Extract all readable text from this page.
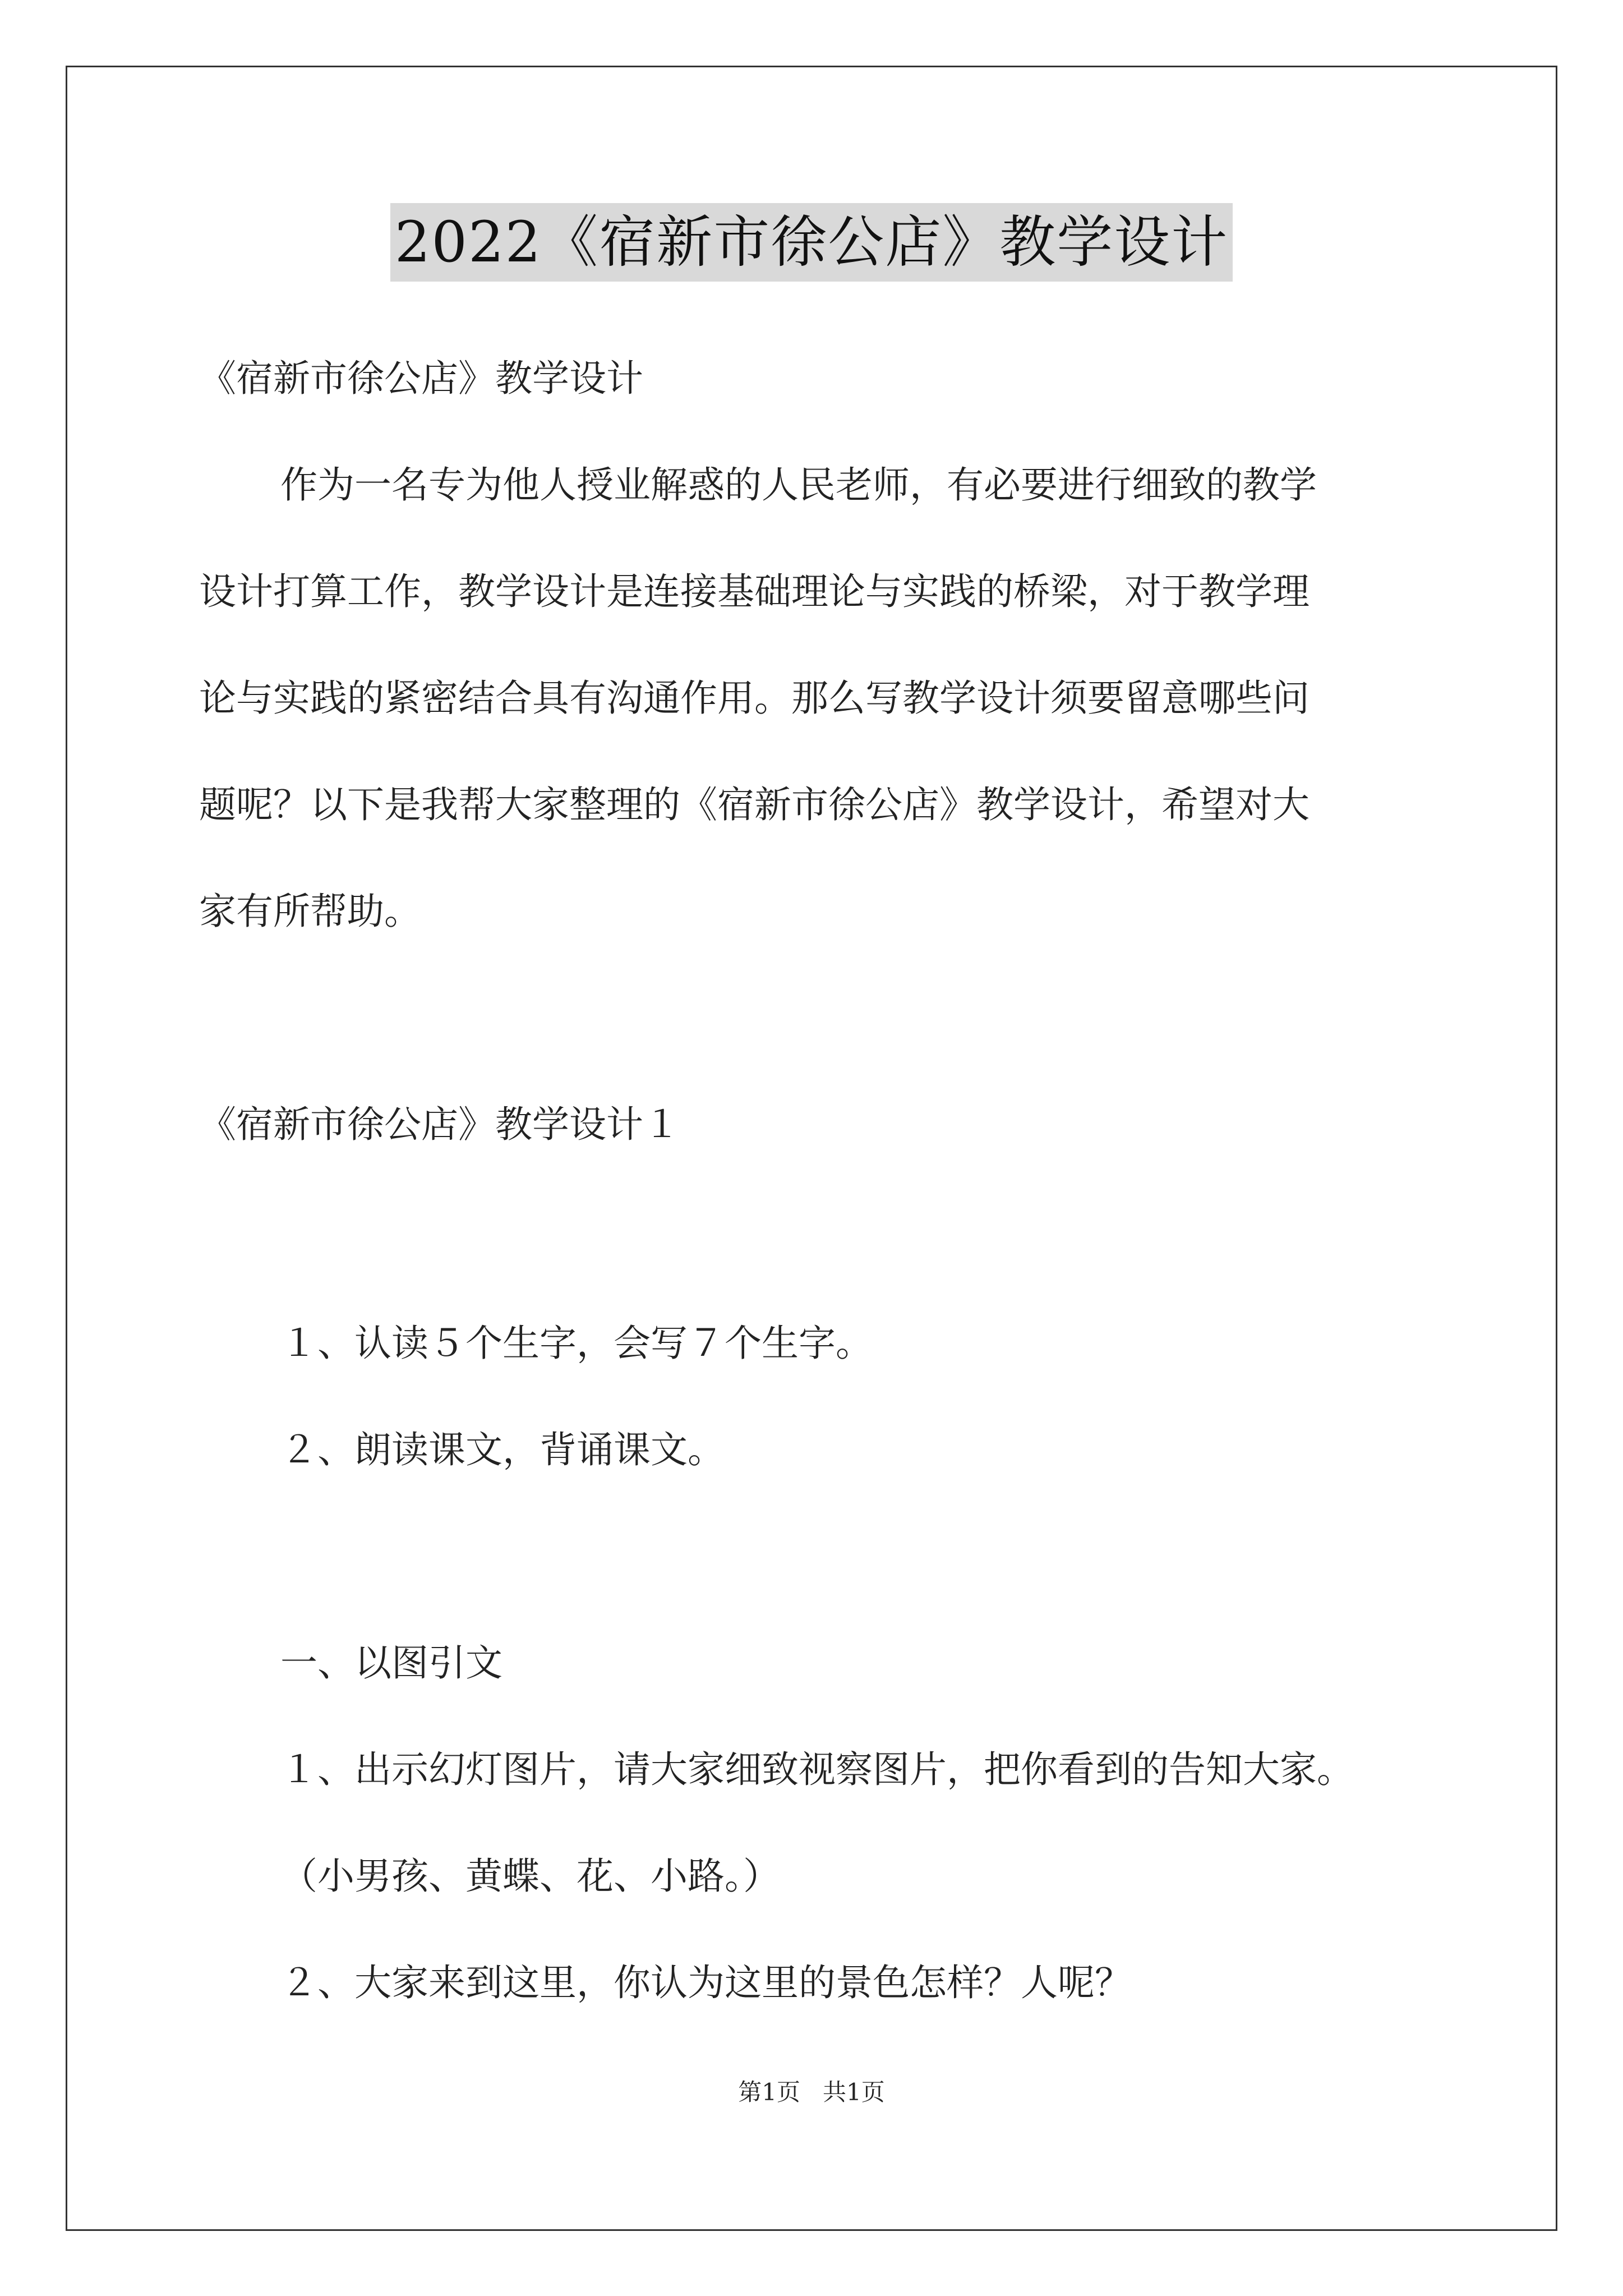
2022《宿新市徐公店》教学设计
《宿新市徐公店》教学设计
作为一名专为他人授业解惑的人民老师，有必要进行细致的教学
设计打算工作，教学设计是连接基础理论与实践的桥梁，对于教学理
论与实践的紧密结合具有沟通作用。那么写教学设计须要留意哪些问
题呢？以下是我帮大家整理的《宿新市徐公店》教学设计，希望对大
家有所帮助。
《宿新市徐公店》教学设计１
１、认读５个生字，会写７个生字。
２、朗读课文，背诵课文。
一、以图引文
１、出示幻灯图片，请大家细致视察图片，把你看到的告知大家。
（小男孩、黄蝶、花、小路。）
２、大家来到这里，你认为这里的景色怎样？人呢？
第1页 共1页
